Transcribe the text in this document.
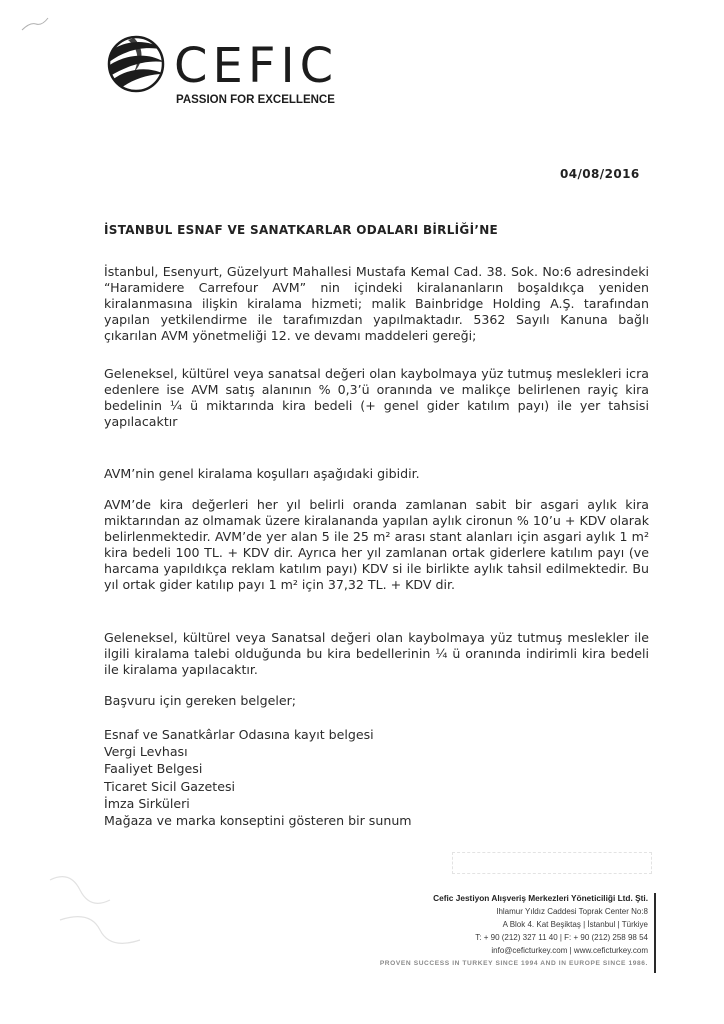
CEFIC
PASSION FOR EXCELLENCE
04/08/2016
İSTANBUL ESNAF VE SANATKARLAR ODALARI BİRLİĞİ’NE

İstanbul, Esenyurt, Güzelyurt Mahallesi Mustafa Kemal Cad. 38. Sok. No:6 adresindeki “Haramidere Carrefour AVM” nin içindeki kiralananların boşaldıkça yeniden kiralanmasına ilişkin kiralama hizmeti; malik Bainbridge Holding A.Ş. tarafından yapılan yetkilendirme ile tarafımızdan yapılmaktadır. 5362 Sayılı Kanuna bağlı çıkarılan AVM yönetmeliği 12. ve devamı maddeleri gereği;

Geleneksel, kültürel veya sanatsal değeri olan kaybolmaya yüz tutmuş meslekleri icra edenlere ise AVM satış alanının % 0,3’ü oranında ve malikçe belirlenen rayiç kira bedelinin ¼ ü miktarında kira bedeli (+ genel gider katılım payı) ile yer tahsisi yapılacaktır

AVM’nin genel kiralama koşulları aşağıdaki gibidir.

AVM’de kira değerleri her yıl belirli oranda zamlanan sabit bir asgari aylık kira miktarından az olmamak üzere kiralananda yapılan aylık cironun % 10’u + KDV olarak belirlenmektedir. AVM’de yer alan 5 ile 25 m² arası stant alanları için asgari aylık 1 m² kira bedeli 100 TL. + KDV dir. Ayrıca her yıl zamlanan ortak giderlere katılım payı (ve harcama yapıldıkça reklam katılım payı) KDV si ile birlikte aylık tahsil edilmektedir. Bu yıl ortak gider katılıp payı 1 m² için 37,32 TL. + KDV dir.

Geleneksel, kültürel veya Sanatsal değeri olan kaybolmaya yüz tutmuş meslekler ile ilgili kiralama talebi olduğunda bu kira bedellerinin ¼ ü oranında indirimli kira bedeli ile kiralama yapılacaktır.

Başvuru için gereken belgeler;

Esnaf ve Sanatkârlar Odasına kayıt belgesi
Vergi Levhası
Faaliyet Belgesi
Ticaret Sicil Gazetesi
İmza Sirküleri
Mağaza ve marka konseptini gösteren bir sunum
Cefic Jestiyon Alışveriş Merkezleri Yöneticiliği Ltd. Şti.
Ihlamur Yıldız Caddesi Toprak Center No:8
A Blok 4. Kat Beşiktaş | İstanbul | Türkiye
T: + 90 (212) 327 11 40 | F: + 90 (212) 258 98 54
info@ceficturkey.com | www.ceficturkey.com
PROVEN SUCCESS IN TURKEY SINCE 1994 AND IN EUROPE SINCE 1986.
